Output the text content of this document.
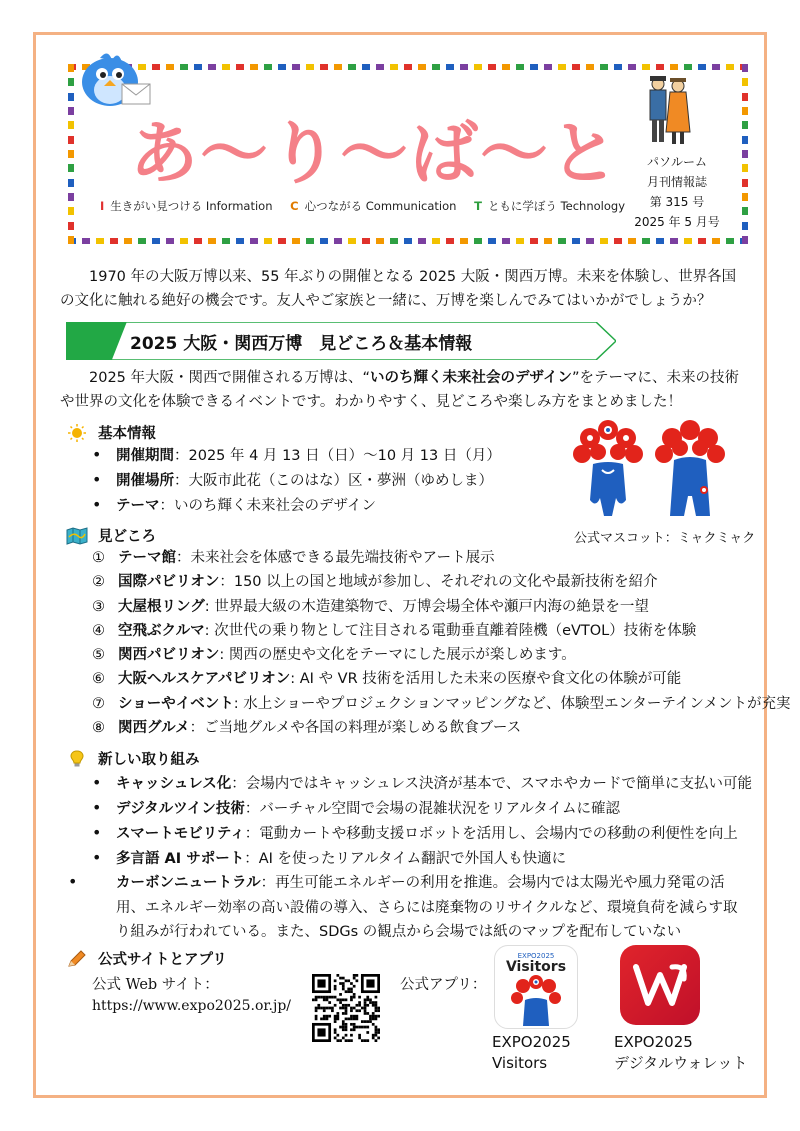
あ～り～ば～と
I 生きがい見つける Information C 心つながる Communication T ともに学ぼう Technology
パソルーム
月刊情報誌
第 315 号
2025 年 5 月号
1970 年の大阪万博以来、55 年ぶりの開催となる 2025 大阪・関西万博。未来を体験し、世界各国の文化に触れる絶好の機会です。友人やご家族と一緒に、万博を楽しんでみてはいかがでしょうか？
2025 大阪・関西万博　見どころ＆基本情報
2025 年大阪・関西で開催される万博は、“いのち輝く未来社会のデザイン”をテーマに、未来の技術や世界の文化を体験できるイベントです。わかりやすく、見どころや楽しみ方をまとめました！
基本情報
• 開催期間：2025 年 4 月 13 日（日）～10 月 13 日（月）
• 開催場所：大阪市此花（このはな）区・夢洲（ゆめしま）
• テーマ：いのち輝く未来社会のデザイン
公式マスコット：ミャクミャク
見どころ
① テーマ館：未来社会を体感できる最先端技術やアート展示
② 国際パビリオン：150 以上の国と地域が参加し、それぞれの文化や最新技術を紹介
③ 大屋根リング: 世界最大級の木造建築物で、万博会場全体や瀬戸内海の絶景を一望
④ 空飛ぶクルマ: 次世代の乗り物として注目される電動垂直離着陸機（eVTOL）技術を体験
⑤ 関西パビリオン: 関西の歴史や文化をテーマにした展示が楽しめます。
⑥ 大阪ヘルスケアパビリオン: AI や VR 技術を活用した未来の医療や食文化の体験が可能
⑦ ショーやイベント: 水上ショーやプロジェクションマッピングなど、体験型エンターテインメントが充実
⑧ 関西グルメ：ご当地グルメや各国の料理が楽しめる飲食ブース
新しい取り組み
• キャッシュレス化：会場内ではキャッシュレス決済が基本で、スマホやカードで簡単に支払い可能
• デジタルツイン技術：バーチャル空間で会場の混雑状況をリアルタイムに確認
• スマートモビリティ：電動カートや移動支援ロボットを活用し、会場内での移動の利便性を向上
• 多言語 AI サポート：AI を使ったリアルタイム翻訳で外国人も快適に
• カーボンニュートラル：再生可能エネルギーの利用を推進。会場内では太陽光や風力発電の活用、エネルギー効率の高い設備の導入、さらには廃棄物のリサイクルなど、環境負荷を減らす取り組みが行われている。また、SDGs の観点から会場では紙のマップを配布していない
公式サイトとアプリ
公式 Web サイト：
https://www.expo2025.or.jp/
公式アプリ：
EXPO2025
Visitors
EXPO2025
Visitors
EXPO2025
デジタルウォレット
